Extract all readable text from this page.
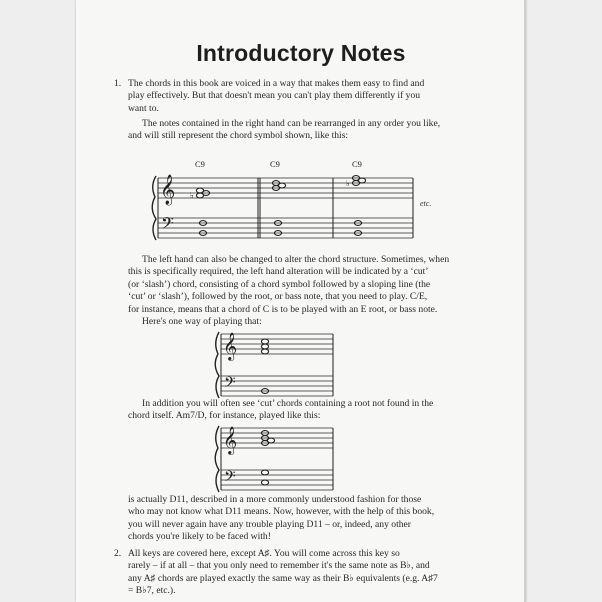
Introductory Notes
1. The chords in this book are voiced in a way that makes them easy to find and
play effectively. But that doesn't mean you can't play them differently if you
want to.
The notes contained in the right hand can be rearranged in any order you like,
and will still represent the chord symbol shown, like this:
C9	C9	C9
𝄞
𝄢
♭
♭
etc.
The left hand can also be changed to alter the chord structure. Sometimes, when
this is specifically required, the left hand alteration will be indicated by a ‘cut’
(or ‘slash’) chord, consisting of a chord symbol followed by a sloping line (the
‘cut’ or ‘slash’), followed by the root, or bass note, that you need to play. C/E,
for instance, means that a chord of C is to be played with an E root, or bass note.
Here's one way of playing that:
𝄞
𝄢
In addition you will often see ‘cut’ chords containing a root not found in the
chord itself. Am7/D, for instance, played like this:
𝄞
𝄢
is actually D11, described in a more commonly understood fashion for those
who may not know what D11 means. Now, however, with the help of this book,
you will never again have any trouble playing D11 – or, indeed, any other
chords you're likely to be faced with!
2. All keys are covered here, except A♯. You will come across this key so
rarely – if at all – that you only need to remember it's the same note as B♭, and
any A♯ chords are played exactly the same way as their B♭ equivalents (e.g. A♯7
= B♭7, etc.).
